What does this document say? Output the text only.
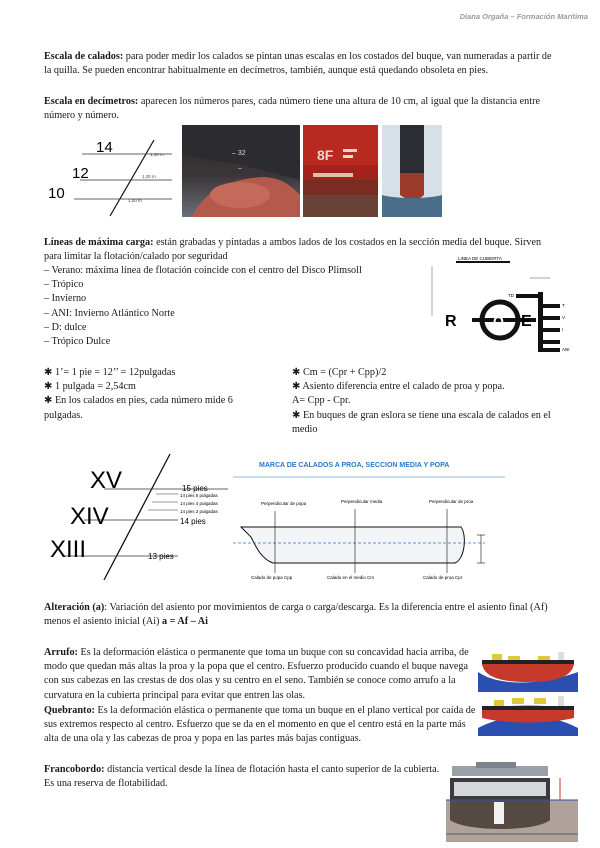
Diana Orgaña – Formación Marítima
Escala de calados: para poder medir los calados se pintan unas escalas en los costados del buque, van numeradas a partir de la quilla. Se pueden encontrar habitualmente en decímetros, también, aunque está quedando obsoleta en pies.
Escala en decímetros: aparecen los números pares, cada número tiene una altura de 10 cm, al igual que la distancia entre número y número.
14
12
10
1,40 m
1,20 m
1,00 m
– 32
–
8F
Líneas de máxima carga: están grabadas y pintadas a ambos lados de los costados en la sección media del buque. Sirven para limitar la flotación/calado por seguridad
– Verano: máxima línea de flotación coincide con el centro del Disco Plimsoll
– Trópico
– Invierno
– ANI: Invierno Atlántico Norte
– D: dulce
– Trópico Dulce
LINEA DE CUBIERTA
R	O E
TD
D	T
V
I
ANI
✱ 1’= 1 pie = 12’’ = 12pulgadas
✱ 1 pulgada = 2,54cm
✱ En los calados en pies, cada número mide 6 pulgadas.
✱ Cm = (Cpr + Cpp)/2
✱ Asiento diferencia entre el calado de proa y popa.
A= Cpp - Cpr.
✱ En buques de gran eslora se tiene una escala de calados en el medio
XV
XIV
XIII
15 pies
14 pies 6 pulgadas
14 pies 4 pulgadas
14 pies 2 pulgadas
14 pies
13 pies
MARCA DE CALADOS A PROA, SECCION MEDIA Y POPA
Perpendicular de popa	Perpendicular media	Perpendicular de proa
Calado de popa Cpp	Calado en el medio Cm	Calado de proa Cpr
Alteración (a): Variación del asiento por movimientos de carga o carga/descarga. Es la diferencia entre el asiento final (Af) menos el asiento inicial (Ai) a = Af – Ai
Arrufo: Es la deformación elástica o permanente que toma un buque con su concavidad hacia arriba, de modo que quedan más altas la proa y la popa que el centro. Esfuerzo producido cuando el buque navega con sus cabezas en las crestas de dos olas y su centro en el seno. También se conoce como arrufo a la curvatura en la cubierta principal para evitar que entren las olas.
Quebranto: Es la deformación elástica o permanente que toma un buque en el plano vertical por caída de sus extremos respecto al centro. Esfuerzo que se da en el momento en que el centro está en la parte más alta de una ola y las cabezas de proa y popa en las partes más bajas contiguas.
Francobordo: distancia vertical desde la línea de flotación hasta el canto superior de la cubierta. Es una reserva de flotabilidad.
